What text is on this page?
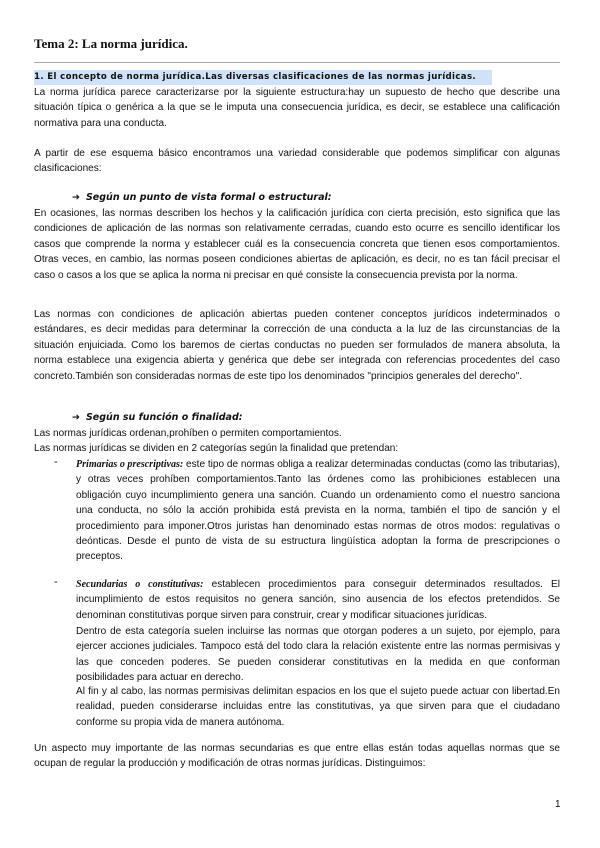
Tema 2: La norma jurídica.
1. El concepto de norma jurídica.Las diversas clasificaciones de las normas jurídicas.

La norma jurídica parece caracterizarse por la siguiente estructura:hay un supuesto de hecho que describe una situación típica o genérica a la que se le imputa una consecuencia jurídica, es decir, se establece una calificación normativa para una conducta.

A partir de ese esquema básico encontramos una variedad considerable que podemos simplificar con algunas clasificaciones:

➔ Según un punto de vista formal o estructural:

En ocasiones, las normas describen los hechos y la calificación jurídica con cierta precisión, esto significa que las condiciones de aplicación de las normas son relativamente cerradas, cuando esto ocurre es sencillo identificar los casos que comprende la norma y establecer cuál es la consecuencia concreta que tienen esos comportamientos. Otras veces, en cambio, las normas poseen condiciones abiertas de aplicación, es decir, no es tan fácil precisar el caso o casos a los que se aplica la norma ni precisar en qué consiste la consecuencia prevista por la norma.

Las normas con condiciones de aplicación abiertas pueden contener conceptos jurídicos indeterminados o estándares, es decir medidas para determinar la corrección de una conducta a la luz de las circunstancias de la situación enjuiciada. Como los baremos de ciertas conductas no pueden ser formulados de manera absoluta, la norma establece una exigencia abierta y genérica que debe ser integrada con referencias procedentes del caso concreto.También son consideradas normas de este tipo los denominados "principios generales del derecho".

➔ Según su función o finalidad:

Las normas jurídicas ordenan,prohíben o permiten comportamientos.

Las normas jurídicas se dividen en 2 categorías según la finalidad que pretendan:

- Primarias o prescriptivas: este tipo de normas obliga a realizar determinadas conductas (como las tributarias), y otras veces prohíben comportamientos.Tanto las órdenes como las prohibiciones establecen una obligación cuyo incumplimiento genera una sanción. Cuando un ordenamiento como el nuestro sanciona una conducta, no sólo la acción prohibida está prevista en la norma, también el tipo de sanción y el procedimiento para imponer.Otros juristas han denominado estas normas de otros modos: regulativas o deónticas. Desde el punto de vista de su estructura lingüística adoptan la forma de prescripciones o preceptos.

- Secundarias o constitutivas: establecen procedimientos para conseguir determinados resultados. El incumplimiento de estos requisitos no genera sanción, sino ausencia de los efectos pretendidos. Se denominan constitutivas porque sirven para construir, crear y modificar situaciones jurídicas.

Dentro de esta categoría suelen incluirse las normas que otorgan poderes a un sujeto, por ejemplo, para ejercer acciones judiciales. Tampoco está del todo clara la relación existente entre las normas permisivas y las que conceden poderes. Se pueden considerar constitutivas en la medida en que conforman posibilidades para actuar en derecho.

Al fin y al cabo, las normas permisivas delimitan espacios en los que el sujeto puede actuar con libertad.En realidad, pueden considerarse incluidas entre las constitutivas, ya que sirven para que el ciudadano conforme su propia vida de manera autónoma.

Un aspecto muy importante de las normas secundarias es que entre ellas están todas aquellas normas que se ocupan de regular la producción y modificación de otras normas jurídicas. Distinguimos:

1
